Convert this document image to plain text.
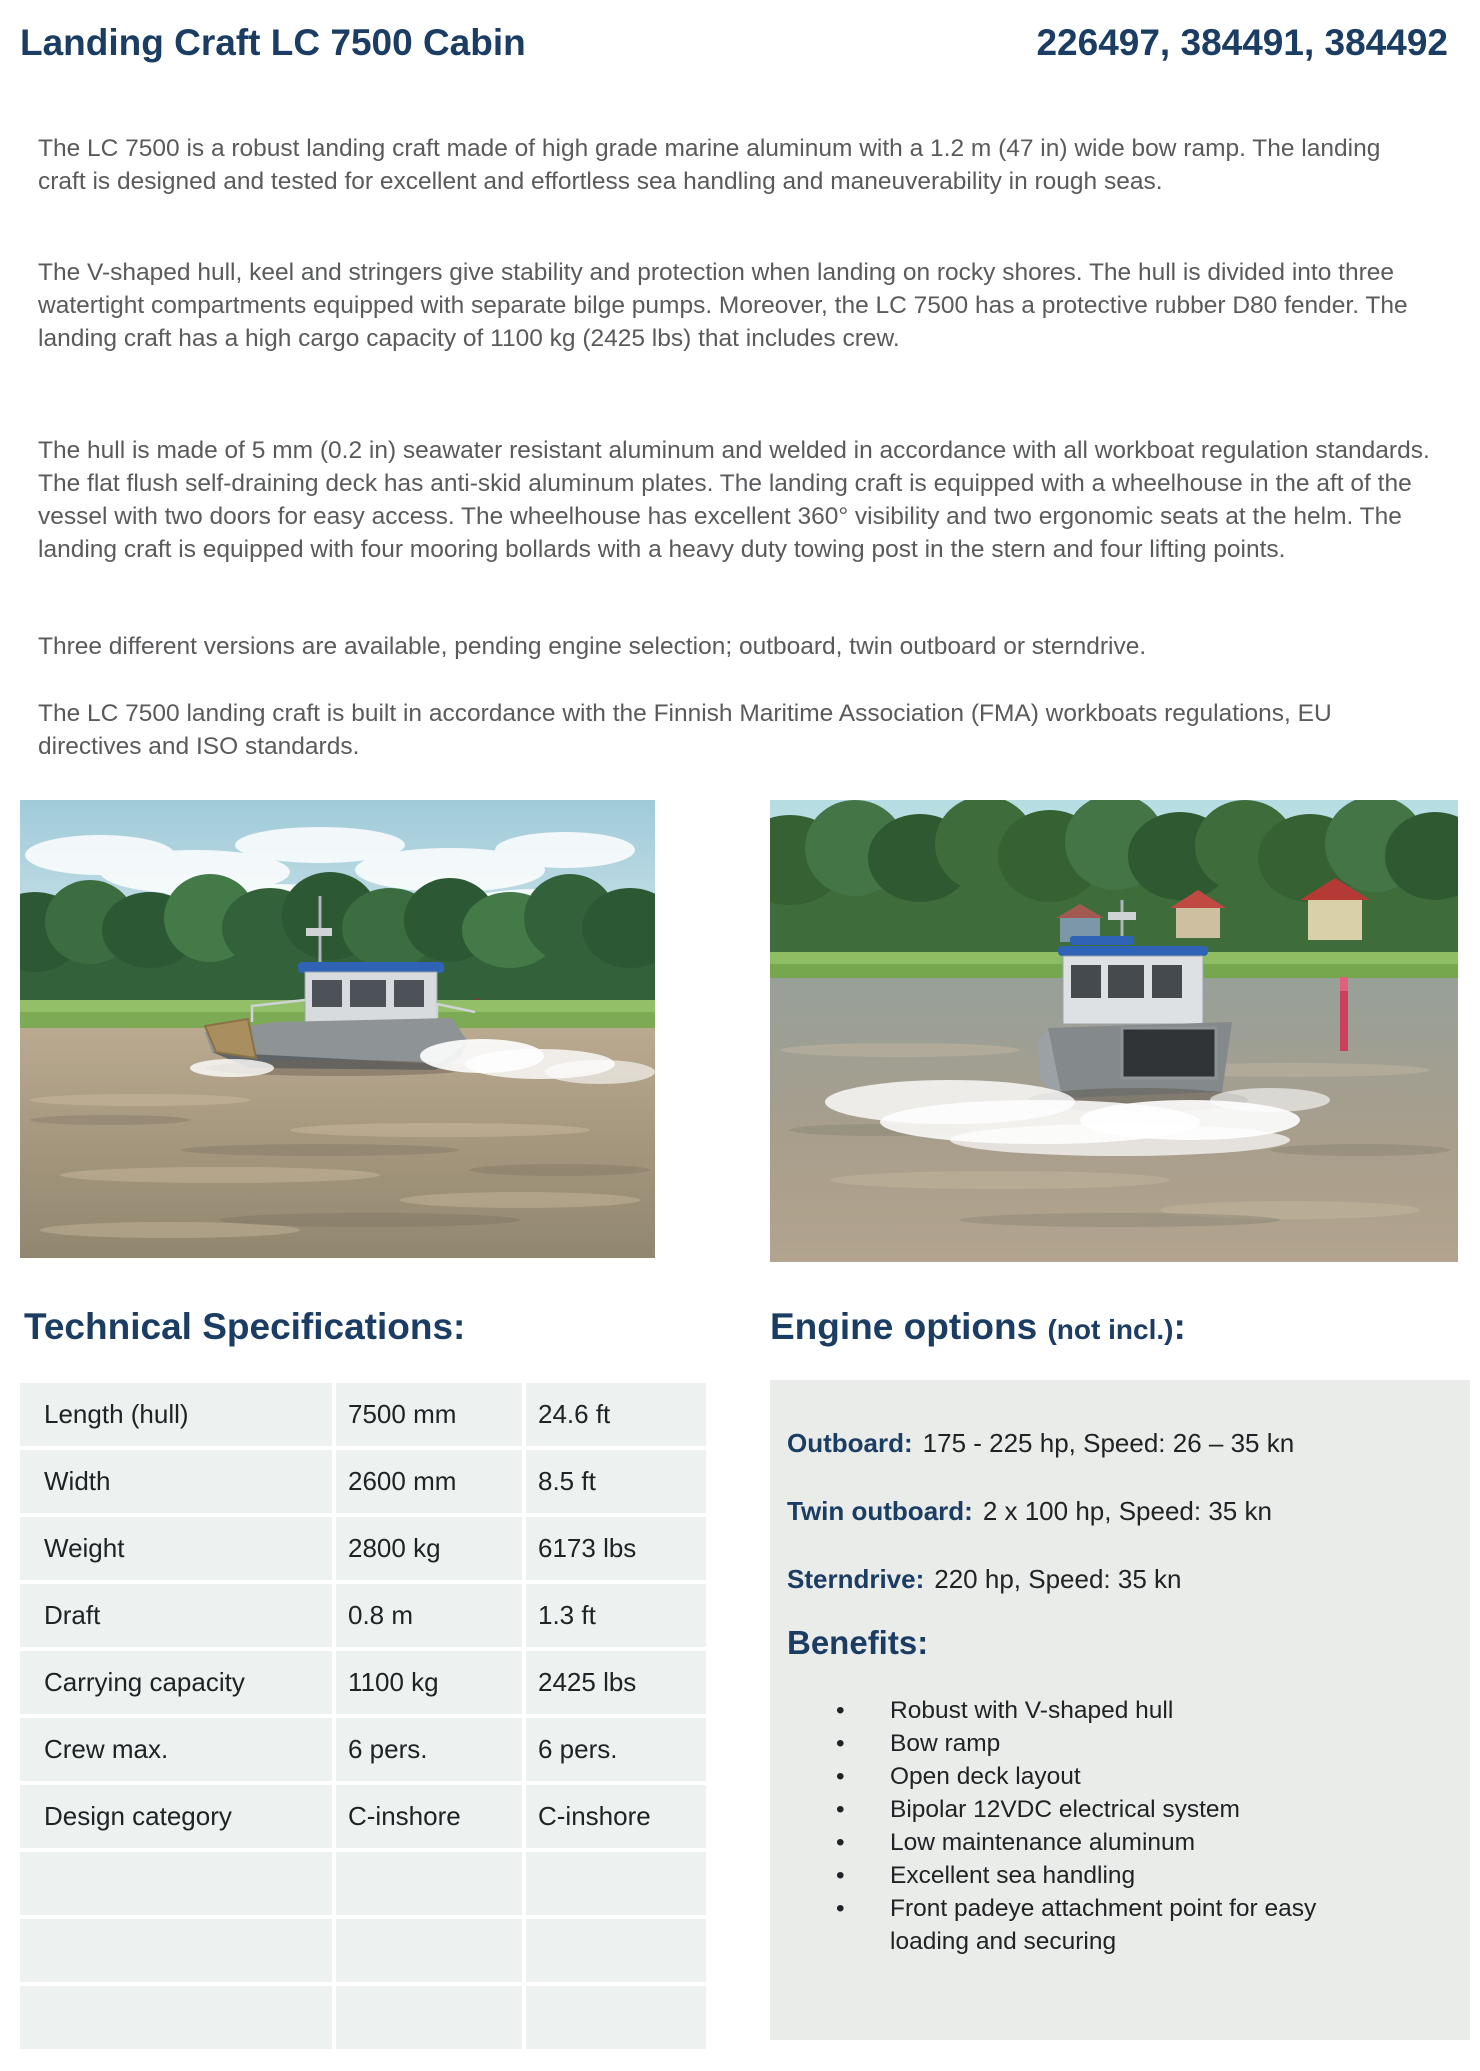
Landing Craft LC 7500 Cabin	226497, 384491, 384492

The LC 7500 is a robust landing craft made of high grade marine aluminum with a 1.2 m (47 in) wide bow ramp. The landing craft is designed and tested for excellent and effortless sea handling and maneuverability in rough seas.

The V-shaped hull, keel and stringers give stability and protection when landing on rocky shores. The hull is divided into three watertight compartments equipped with separate bilge pumps. Moreover, the LC 7500 has a protective rubber D80 fender. The landing craft has a high cargo capacity of 1100 kg (2425 lbs) that includes crew.

The hull is made of 5 mm (0.2 in) seawater resistant aluminum and welded in accordance with all workboat regulation standards. The flat flush self-draining deck has anti-skid aluminum plates. The landing craft is equipped with a wheelhouse in the aft of the vessel with two doors for easy access. The wheelhouse has excellent 360° visibility and two ergonomic seats at the helm. The landing craft is equipped with four mooring bollards with a heavy duty towing post in the stern and four lifting points.

Three different versions are available, pending engine selection; outboard, twin outboard or sterndrive.

The LC 7500 landing craft is built in accordance with the Finnish Maritime Association (FMA) workboats regulations, EU directives and ISO standards.

Technical Specifications:
Length (hull)	7500 mm	24.6 ft
Width	2600 mm	8.5 ft
Weight	2800 kg	6173 lbs
Draft	0.8 m	1.3 ft
Carrying capacity	1100 kg	2425 lbs
Crew max.	6 pers.	6 pers.
Design category	C-inshore	C-inshore
Engine options (not incl.):

Outboard: 175 - 225 hp, Speed: 26 – 35 kn

Twin outboard: 2 x 100 hp, Speed: 35 kn

Sterndrive: 220 hp, Speed: 35 kn

Benefits:
• Robust with V-shaped hull
• Bow ramp
• Open deck layout
• Bipolar 12VDC electrical system
• Low maintenance aluminum
• Excellent sea handling
• Front padeye attachment point for easy loading and securing
